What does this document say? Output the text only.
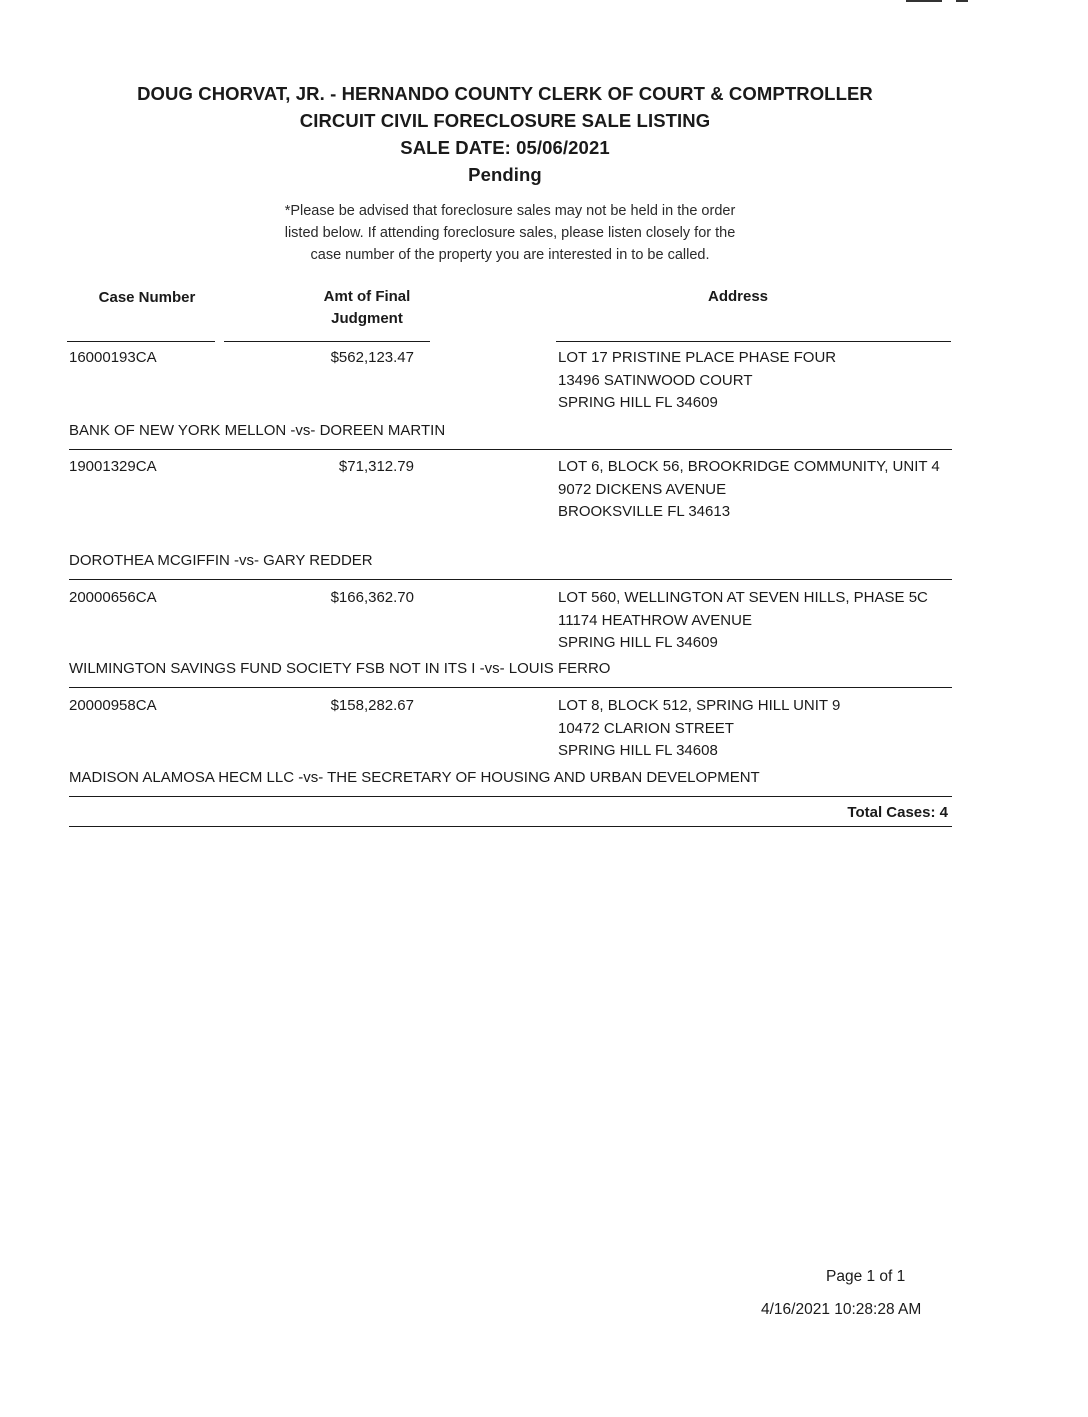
DOUG CHORVAT, JR. - HERNANDO COUNTY CLERK OF COURT & COMPTROLLER
CIRCUIT CIVIL FORECLOSURE SALE LISTING
SALE DATE: 05/06/2021
Pending
*Please be advised that foreclosure sales may not be held in the order
listed below. If attending foreclosure sales, please listen closely for the
case number of the property you are interested in to be called.
Case Number	Amt of Final
Judgment
Address
16000193CA	$562,123.47	LOT 17 PRISTINE PLACE PHASE FOUR
13496 SATINWOOD COURT
SPRING HILL FL 34609
BANK OF NEW YORK MELLON -vs- DOREEN MARTIN
19001329CA	$71,312.79	LOT 6, BLOCK 56, BROOKRIDGE COMMUNITY, UNIT 4
9072 DICKENS AVENUE
BROOKSVILLE FL 34613
DOROTHEA MCGIFFIN -vs- GARY REDDER
20000656CA	$166,362.70	LOT 560, WELLINGTON AT SEVEN HILLS, PHASE 5C
11174 HEATHROW AVENUE
SPRING HILL FL 34609
WILMINGTON SAVINGS FUND SOCIETY FSB NOT IN ITS I -vs- LOUIS FERRO
20000958CA	$158,282.67	LOT 8, BLOCK 512, SPRING HILL UNIT 9
10472 CLARION STREET
SPRING HILL FL 34608
MADISON ALAMOSA HECM LLC -vs- THE SECRETARY OF HOUSING AND URBAN DEVELOPMENT
Total Cases: 4
Page 1 of 1
4/16/2021 10:28:28 AM
